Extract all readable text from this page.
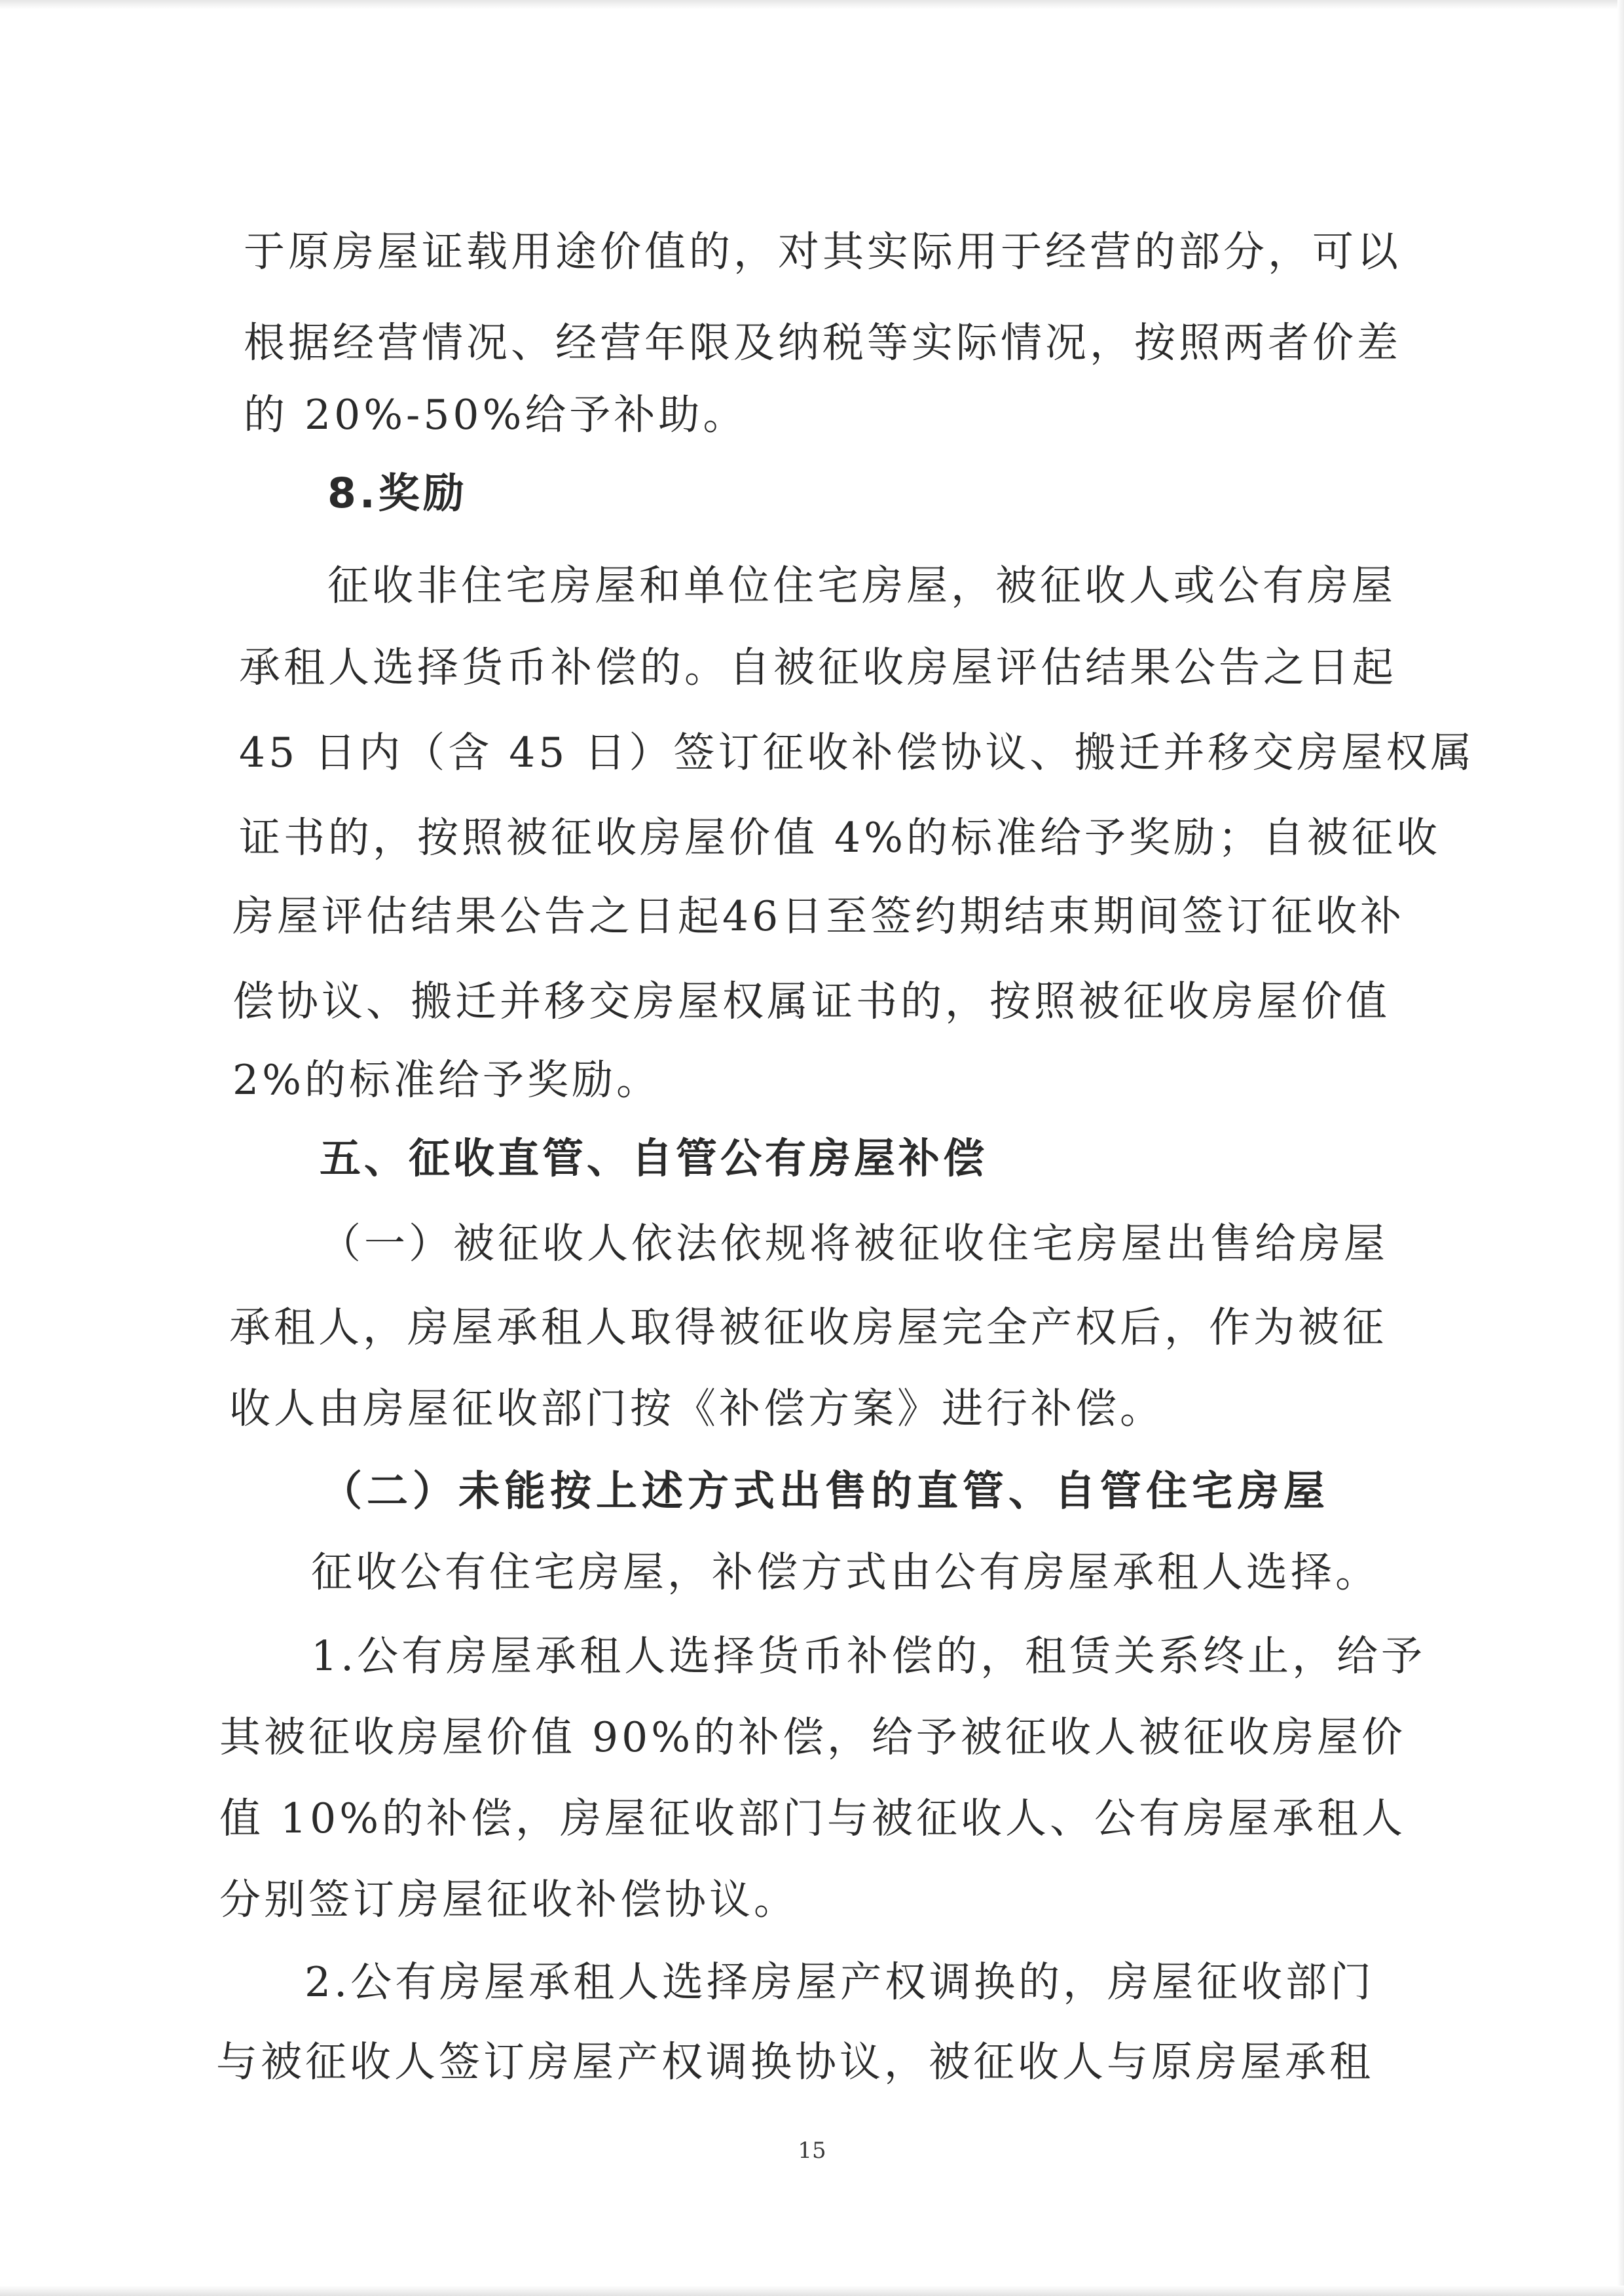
于原房屋证载用途价值的，对其实际用于经营的部分，可以
根据经营情况、经营年限及纳税等实际情况，按照两者价差
的 20%-50%给予补助。
8.奖励
征收非住宅房屋和单位住宅房屋，被征收人或公有房屋
承租人选择货币补偿的。自被征收房屋评估结果公告之日起
45 日内（含 45 日）签订征收补偿协议、搬迁并移交房屋权属
证书的，按照被征收房屋价值 4%的标准给予奖励；自被征收
房屋评估结果公告之日起46日至签约期结束期间签订征收补
偿协议、搬迁并移交房屋权属证书的，按照被征收房屋价值
2%的标准给予奖励。
五、征收直管、自管公有房屋补偿
（一）被征收人依法依规将被征收住宅房屋出售给房屋
承租人，房屋承租人取得被征收房屋完全产权后，作为被征
收人由房屋征收部门按《补偿方案》进行补偿。
（二）未能按上述方式出售的直管、自管住宅房屋
征收公有住宅房屋，补偿方式由公有房屋承租人选择。
1.公有房屋承租人选择货币补偿的，租赁关系终止，给予
其被征收房屋价值 90%的补偿，给予被征收人被征收房屋价
值 10%的补偿，房屋征收部门与被征收人、公有房屋承租人
分别签订房屋征收补偿协议。
2.公有房屋承租人选择房屋产权调换的，房屋征收部门
与被征收人签订房屋产权调换协议，被征收人与原房屋承租
15
